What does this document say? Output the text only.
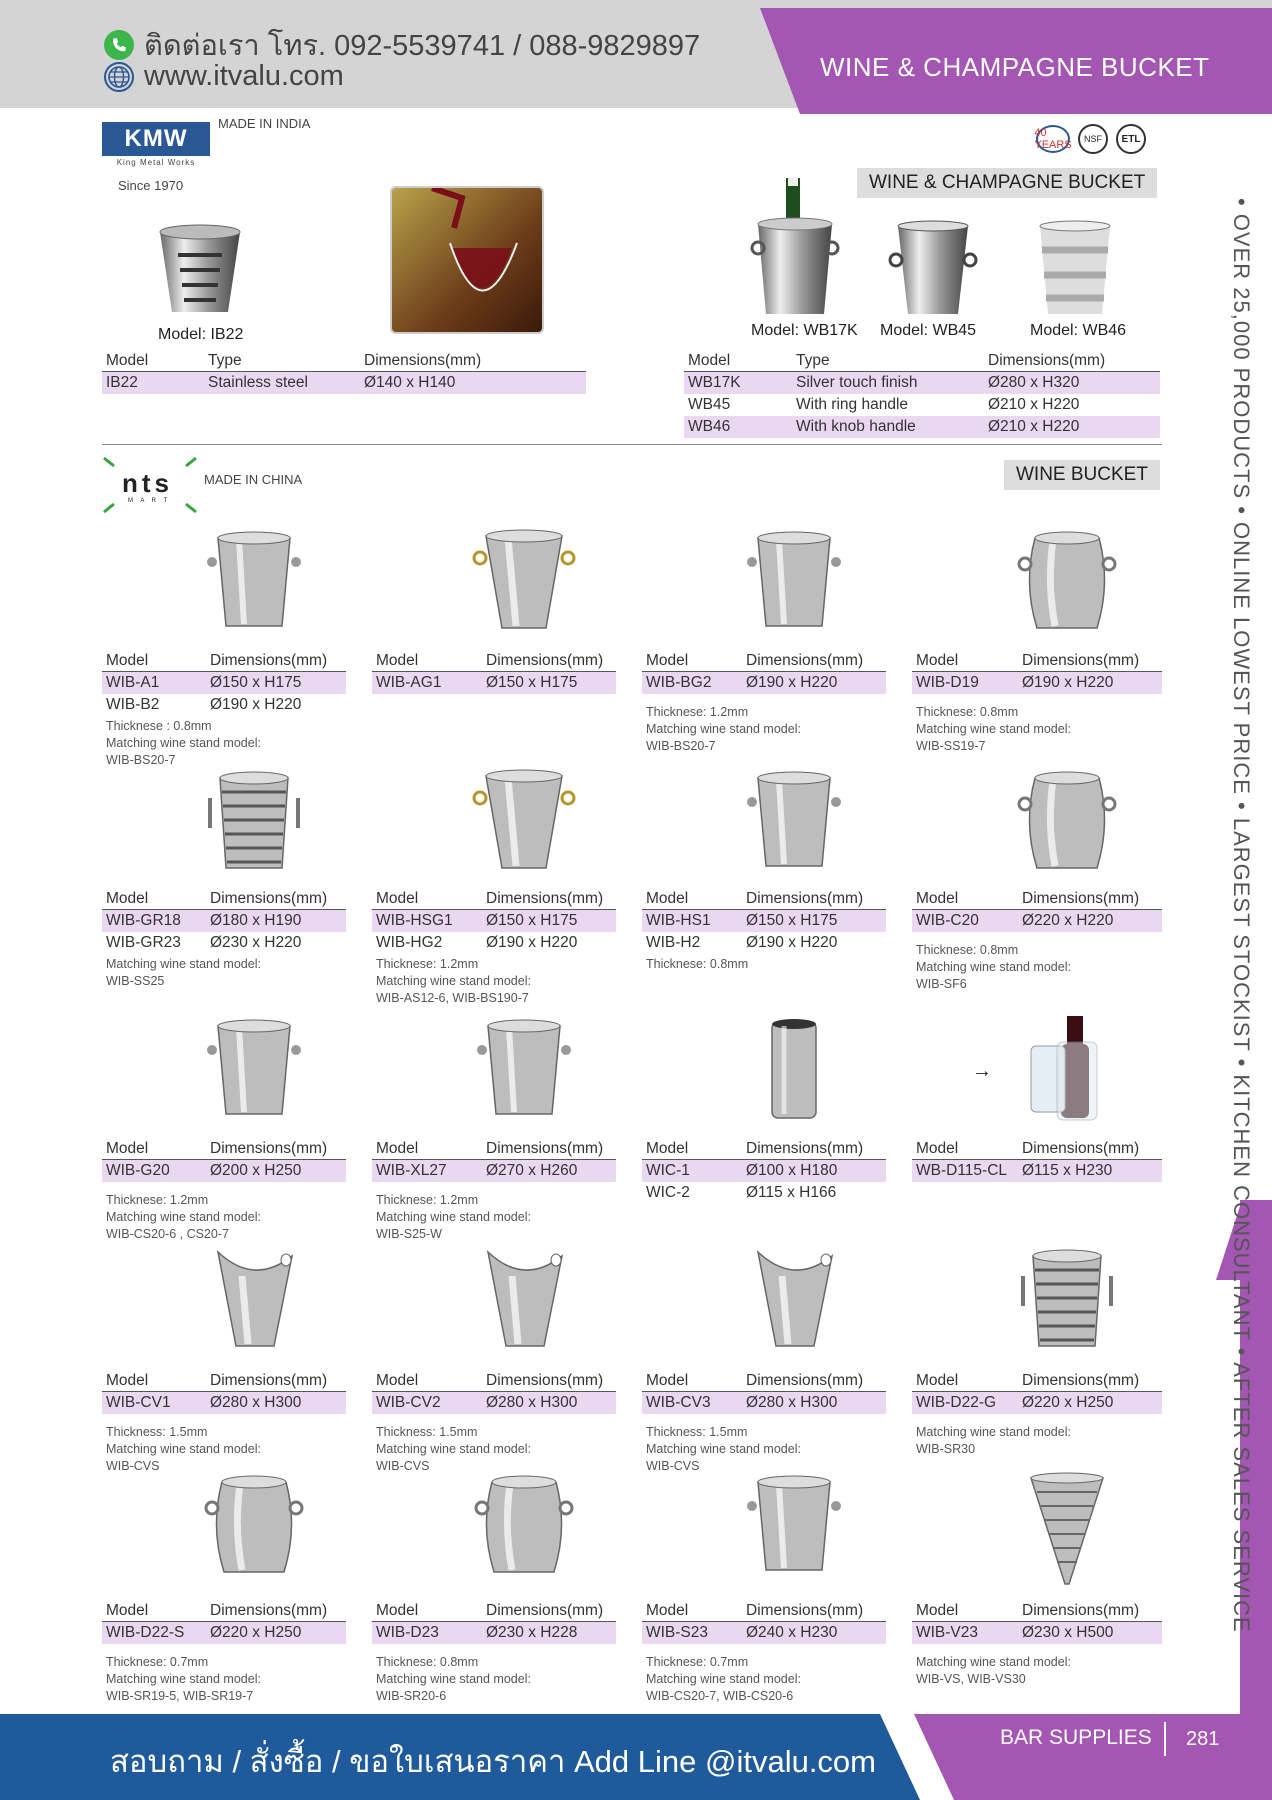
ติดต่อเรา โทร. 092-5539741 / 088-9829897
www.itvalu.com	WINE & CHAMPAGNE BUCKET
• OVER 25,000 PRODUCTS • ONLINE LOWEST PRICE • LARGEST STOCKIST • KITCHEN CONSULTANT • AFTER SALES SERVICE
KMW
King Metal Works
MADE IN INDIA
Since 1970
Model: IB22
Model	Type	Dimensions(mm)
IB22	Stainless steel	Ø140 x H140
40 YEARS	NSF	ETL
WINE & CHAMPAGNE BUCKET
Model: WB17K Model: WB45	Model: WB46
Model	Type	Dimensions(mm)
WB17K	Silver touch finish	Ø280 x H320
WB45	With ring handle	Ø210 x H220
WB46	With knob handle	Ø210 x H220
nts
M A R T
MADE IN CHINA	WINE BUCKET
Model	Dimensions(mm)
WIB-A1	Ø150 x H175
WIB-B2	Ø190 x H220
Thicknese : 0.8mm
Matching wine stand model:
WIB-BS20-7
Model	Dimensions(mm)
WIB-AG1	Ø150 x H175
Model	Dimensions(mm)
WIB-BG2	Ø190 x H220
Thicknese: 1.2mm
Matching wine stand model:
WIB-BS20-7
Model	Dimensions(mm)
WIB-D19	Ø190 x H220
Thicknese: 0.8mm
Matching wine stand model:
WIB-SS19-7
Model	Dimensions(mm)
WIB-GR18	Ø180 x H190
WIB-GR23	Ø230 x H220
Matching wine stand model:
WIB-SS25
Model	Dimensions(mm)
WIB-HSG1	Ø150 x H175
WIB-HG2	Ø190 x H220
Thicknese: 1.2mm
Matching wine stand model:
WIB-AS12-6, WIB-BS190-7
Model	Dimensions(mm)
WIB-HS1	Ø150 x H175
WIB-H2	Ø190 x H220
Thicknese: 0.8mm
Model	Dimensions(mm)
WIB-C20	Ø220 x H220
Thicknese: 0.8mm
Matching wine stand model:
WIB-SF6
Model	Dimensions(mm)
WIB-G20	Ø200 x H250
Thicknese: 1.2mm
Matching wine stand model:
WIB-CS20-6 , CS20-7
Model	Dimensions(mm)
WIB-XL27	Ø270 x H260
Thicknese: 1.2mm
Matching wine stand model:
WIB-S25-W
Model	Dimensions(mm)
WIC-1	Ø100 x H180
WIC-2	Ø115 x H166
Model	Dimensions(mm)
WB-D115-CL Ø115 x H230
Model	Dimensions(mm)
WIB-CV1	Ø280 x H300
Thickness: 1.5mm
Matching wine stand model:
WIB-CVS
Model	Dimensions(mm)
WIB-CV2	Ø280 x H300
Thickness: 1.5mm
Matching wine stand model:
WIB-CVS
Model	Dimensions(mm)
WIB-CV3	Ø280 x H300
Thickness: 1.5mm
Matching wine stand model:
WIB-CVS
Model	Dimensions(mm)
WIB-D22-G	Ø220 x H250
Matching wine stand model:
WIB-SR30
Model	Dimensions(mm)
WIB-D22-S	Ø220 x H250
Thicknese: 0.7mm
Matching wine stand model:
WIB-SR19-5, WIB-SR19-7
Model	Dimensions(mm)
WIB-D23	Ø230 x H228
Thicknese: 0.8mm
Matching wine stand model:
WIB-SR20-6
Model	Dimensions(mm)
WIB-S23	Ø240 x H230
Thicknese: 0.7mm
Matching wine stand model:
WIB-CS20-7, WIB-CS20-6
Model	Dimensions(mm)
WIB-V23	Ø230 x H500
Matching wine stand model:
WIB-VS, WIB-VS30
→
สอบถาม / สั่งซื้อ / ขอใบเสนอราคา Add Line @itvalu.com
BAR SUPPLIES 281
